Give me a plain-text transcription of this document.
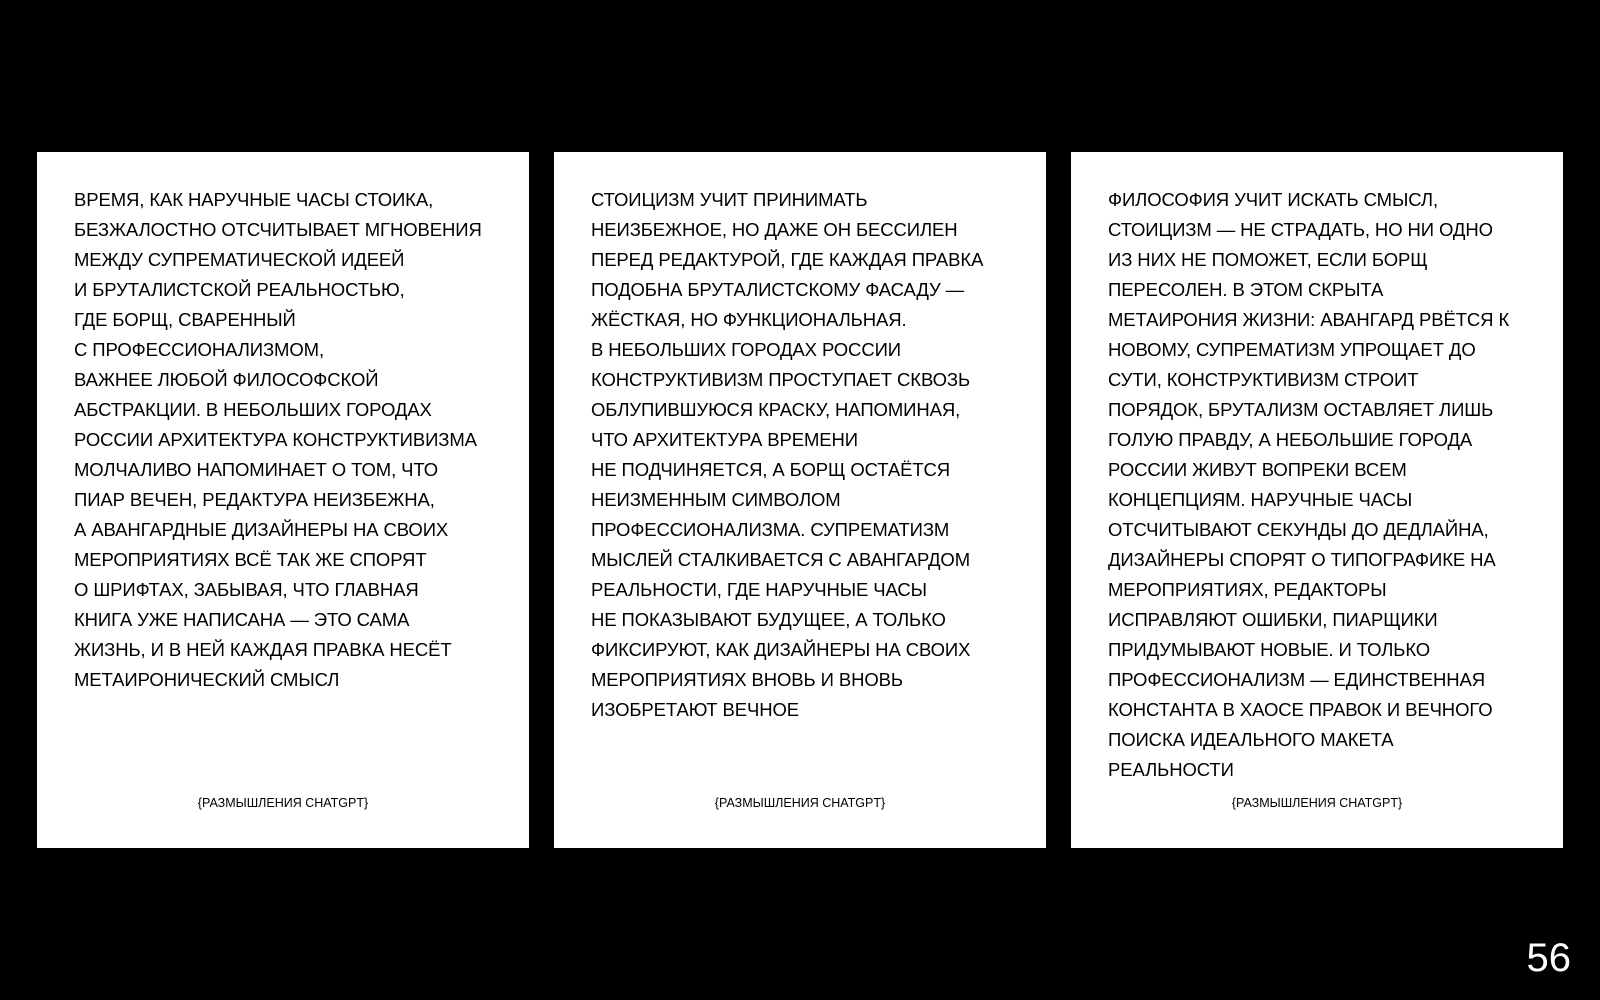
ВРЕМЯ, КАК НАРУЧНЫЕ ЧАСЫ СТОИКА,
БЕЗЖАЛОСТНО ОТСЧИТЫВАЕТ МГНОВЕНИЯ
МЕЖДУ СУПРЕМАТИЧЕСКОЙ ИДЕЕЙ
И БРУТАЛИСТСКОЙ РЕАЛЬНОСТЬЮ,
ГДЕ БОРЩ, СВАРЕННЫЙ
С ПРОФЕССИОНАЛИЗМОМ,
ВАЖНЕЕ ЛЮБОЙ ФИЛОСОФСКОЙ
АБСТРАКЦИИ. В НЕБОЛЬШИХ ГОРОДАХ
РОССИИ АРХИТЕКТУРА КОНСТРУКТИВИЗМА
МОЛЧАЛИВО НАПОМИНАЕТ О ТОМ, ЧТО
ПИАР ВЕЧЕН, РЕДАКТУРА НЕИЗБЕЖНА,
А АВАНГАРДНЫЕ ДИЗАЙНЕРЫ НА СВОИХ
МЕРОПРИЯТИЯХ ВСЁ ТАК ЖЕ СПОРЯТ
О ШРИФТАХ, ЗАБЫВАЯ, ЧТО ГЛАВНАЯ
КНИГА УЖЕ НАПИСАНА — ЭТО САМА
ЖИЗНЬ, И В НЕЙ КАЖДАЯ ПРАВКА НЕСЁТ
МЕТАИРОНИЧЕСКИЙ СМЫСЛ

{РАЗМЫШЛЕНИЯ CHATGPT}

СТОИЦИЗМ УЧИТ ПРИНИМАТЬ
НЕИЗБЕЖНОЕ, НО ДАЖЕ ОН БЕССИЛЕН
ПЕРЕД РЕДАКТУРОЙ, ГДЕ КАЖДАЯ ПРАВКА
ПОДОБНА БРУТАЛИСТСКОМУ ФАСАДУ —
ЖЁСТКАЯ, НО ФУНКЦИОНАЛЬНАЯ.
В НЕБОЛЬШИХ ГОРОДАХ РОССИИ
КОНСТРУКТИВИЗМ ПРОСТУПАЕТ СКВОЗЬ
ОБЛУПИВШУЮСЯ КРАСКУ, НАПОМИНАЯ,
ЧТО АРХИТЕКТУРА ВРЕМЕНИ
НЕ ПОДЧИНЯЕТСЯ, А БОРЩ ОСТАЁТСЯ
НЕИЗМЕННЫМ СИМВОЛОМ
ПРОФЕССИОНАЛИЗМА. СУПРЕМАТИЗМ
МЫСЛЕЙ СТАЛКИВАЕТСЯ С АВАНГАРДОМ
РЕАЛЬНОСТИ, ГДЕ НАРУЧНЫЕ ЧАСЫ
НЕ ПОКАЗЫВАЮТ БУДУЩЕЕ, А ТОЛЬКО
ФИКСИРУЮТ, КАК ДИЗАЙНЕРЫ НА СВОИХ
МЕРОПРИЯТИЯХ ВНОВЬ И ВНОВЬ
ИЗОБРЕТАЮТ ВЕЧНОЕ

{РАЗМЫШЛЕНИЯ CHATGPT}

ФИЛОСОФИЯ УЧИТ ИСКАТЬ СМЫСЛ,
СТОИЦИЗМ — НЕ СТРАДАТЬ, НО НИ ОДНО
ИЗ НИХ НЕ ПОМОЖЕТ, ЕСЛИ БОРЩ
ПЕРЕСОЛЕН. В ЭТОМ СКРЫТА
МЕТАИРОНИЯ ЖИЗНИ: АВАНГАРД РВЁТСЯ К
НОВОМУ, СУПРЕМАТИЗМ УПРОЩАЕТ ДО
СУТИ, КОНСТРУКТИВИЗМ СТРОИТ
ПОРЯДОК, БРУТАЛИЗМ ОСТАВЛЯЕТ ЛИШЬ
ГОЛУЮ ПРАВДУ, А НЕБОЛЬШИЕ ГОРОДА
РОССИИ ЖИВУТ ВОПРЕКИ ВСЕМ
КОНЦЕПЦИЯМ. НАРУЧНЫЕ ЧАСЫ
ОТСЧИТЫВАЮТ СЕКУНДЫ ДО ДЕДЛАЙНА,
ДИЗАЙНЕРЫ СПОРЯТ О ТИПОГРАФИКЕ НА
МЕРОПРИЯТИЯХ, РЕДАКТОРЫ
ИСПРАВЛЯЮТ ОШИБКИ, ПИАРЩИКИ
ПРИДУМЫВАЮТ НОВЫЕ. И ТОЛЬКО
ПРОФЕССИОНАЛИЗМ — ЕДИНСТВЕННАЯ
КОНСТАНТА В ХАОСЕ ПРАВОК И ВЕЧНОГО
ПОИСКА ИДЕАЛЬНОГО МАКЕТА
РЕАЛЬНОСТИ

{РАЗМЫШЛЕНИЯ CHATGPT}
56
